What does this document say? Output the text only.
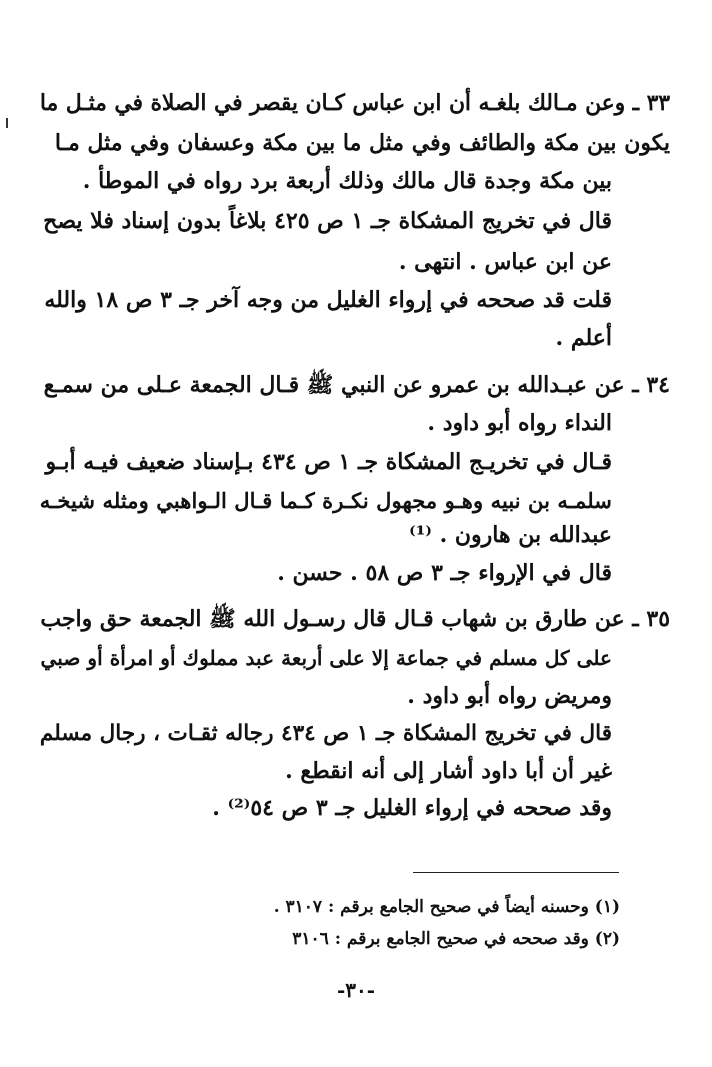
٣٣ ـ وعن مـالك بلغـه أن ابن عباس كـان يقصر في الصلاة في مثـل ما
يكون بين مكة والطائف وفي مثل ما بين مكة وعسفان وفي مثل مـا
بين مكة وجدة قال مالك وذلك أربعة برد رواه في الموطأ .
قال في تخريج المشكاة جـ ١ ص ٤٢٥ بلاغاً بدون إسناد فلا يصح
عن ابن عباس . انتهى .
قلت قد صححه في إرواء الغليل من وجه آخر جـ ٣ ص ١٨ والله
أعلم .
٣٤ ـ عن عبـدالله بن عمرو عن النبي ﷺ قـال الجمعة عـلى من سمـع
النداء رواه أبو داود .
قـال في تخريـج المشكاة جـ ١ ص ٤٣٤ بـإسناد ضعيف فيـه أبـو
سلمـه بن نبيه وهـو مجهول نكـرة كـما قـال الـواهبي ومثله شيخـه
عبدالله بن هارون . ⁽¹⁾
قال في الإرواء جـ ٣ ص ٥٨ . حسن .
٣٥ ـ عن طارق بن شهاب قـال قال رسـول الله ﷺ الجمعة حق واجب
على كل مسلم في جماعة إلا على أربعة عبد مملوك أو امرأة أو صبي
ومريض رواه أبو داود .
قال في تخريج المشكاة جـ ١ ص ٤٣٤ رجاله ثقـات ، رجال مسلم
غير أن أبا داود أشار إلى أنه انقطع .
وقد صححه في إرواء الغليل جـ ٣ ص ٥٤⁽²⁾ .
(١) وحسنه أيضاً في صحيح الجامع برقم : ٣١٠٧ .
(٢) وقد صححه في صحيح الجامع برقم : ٣١٠٦
-٣٠-
